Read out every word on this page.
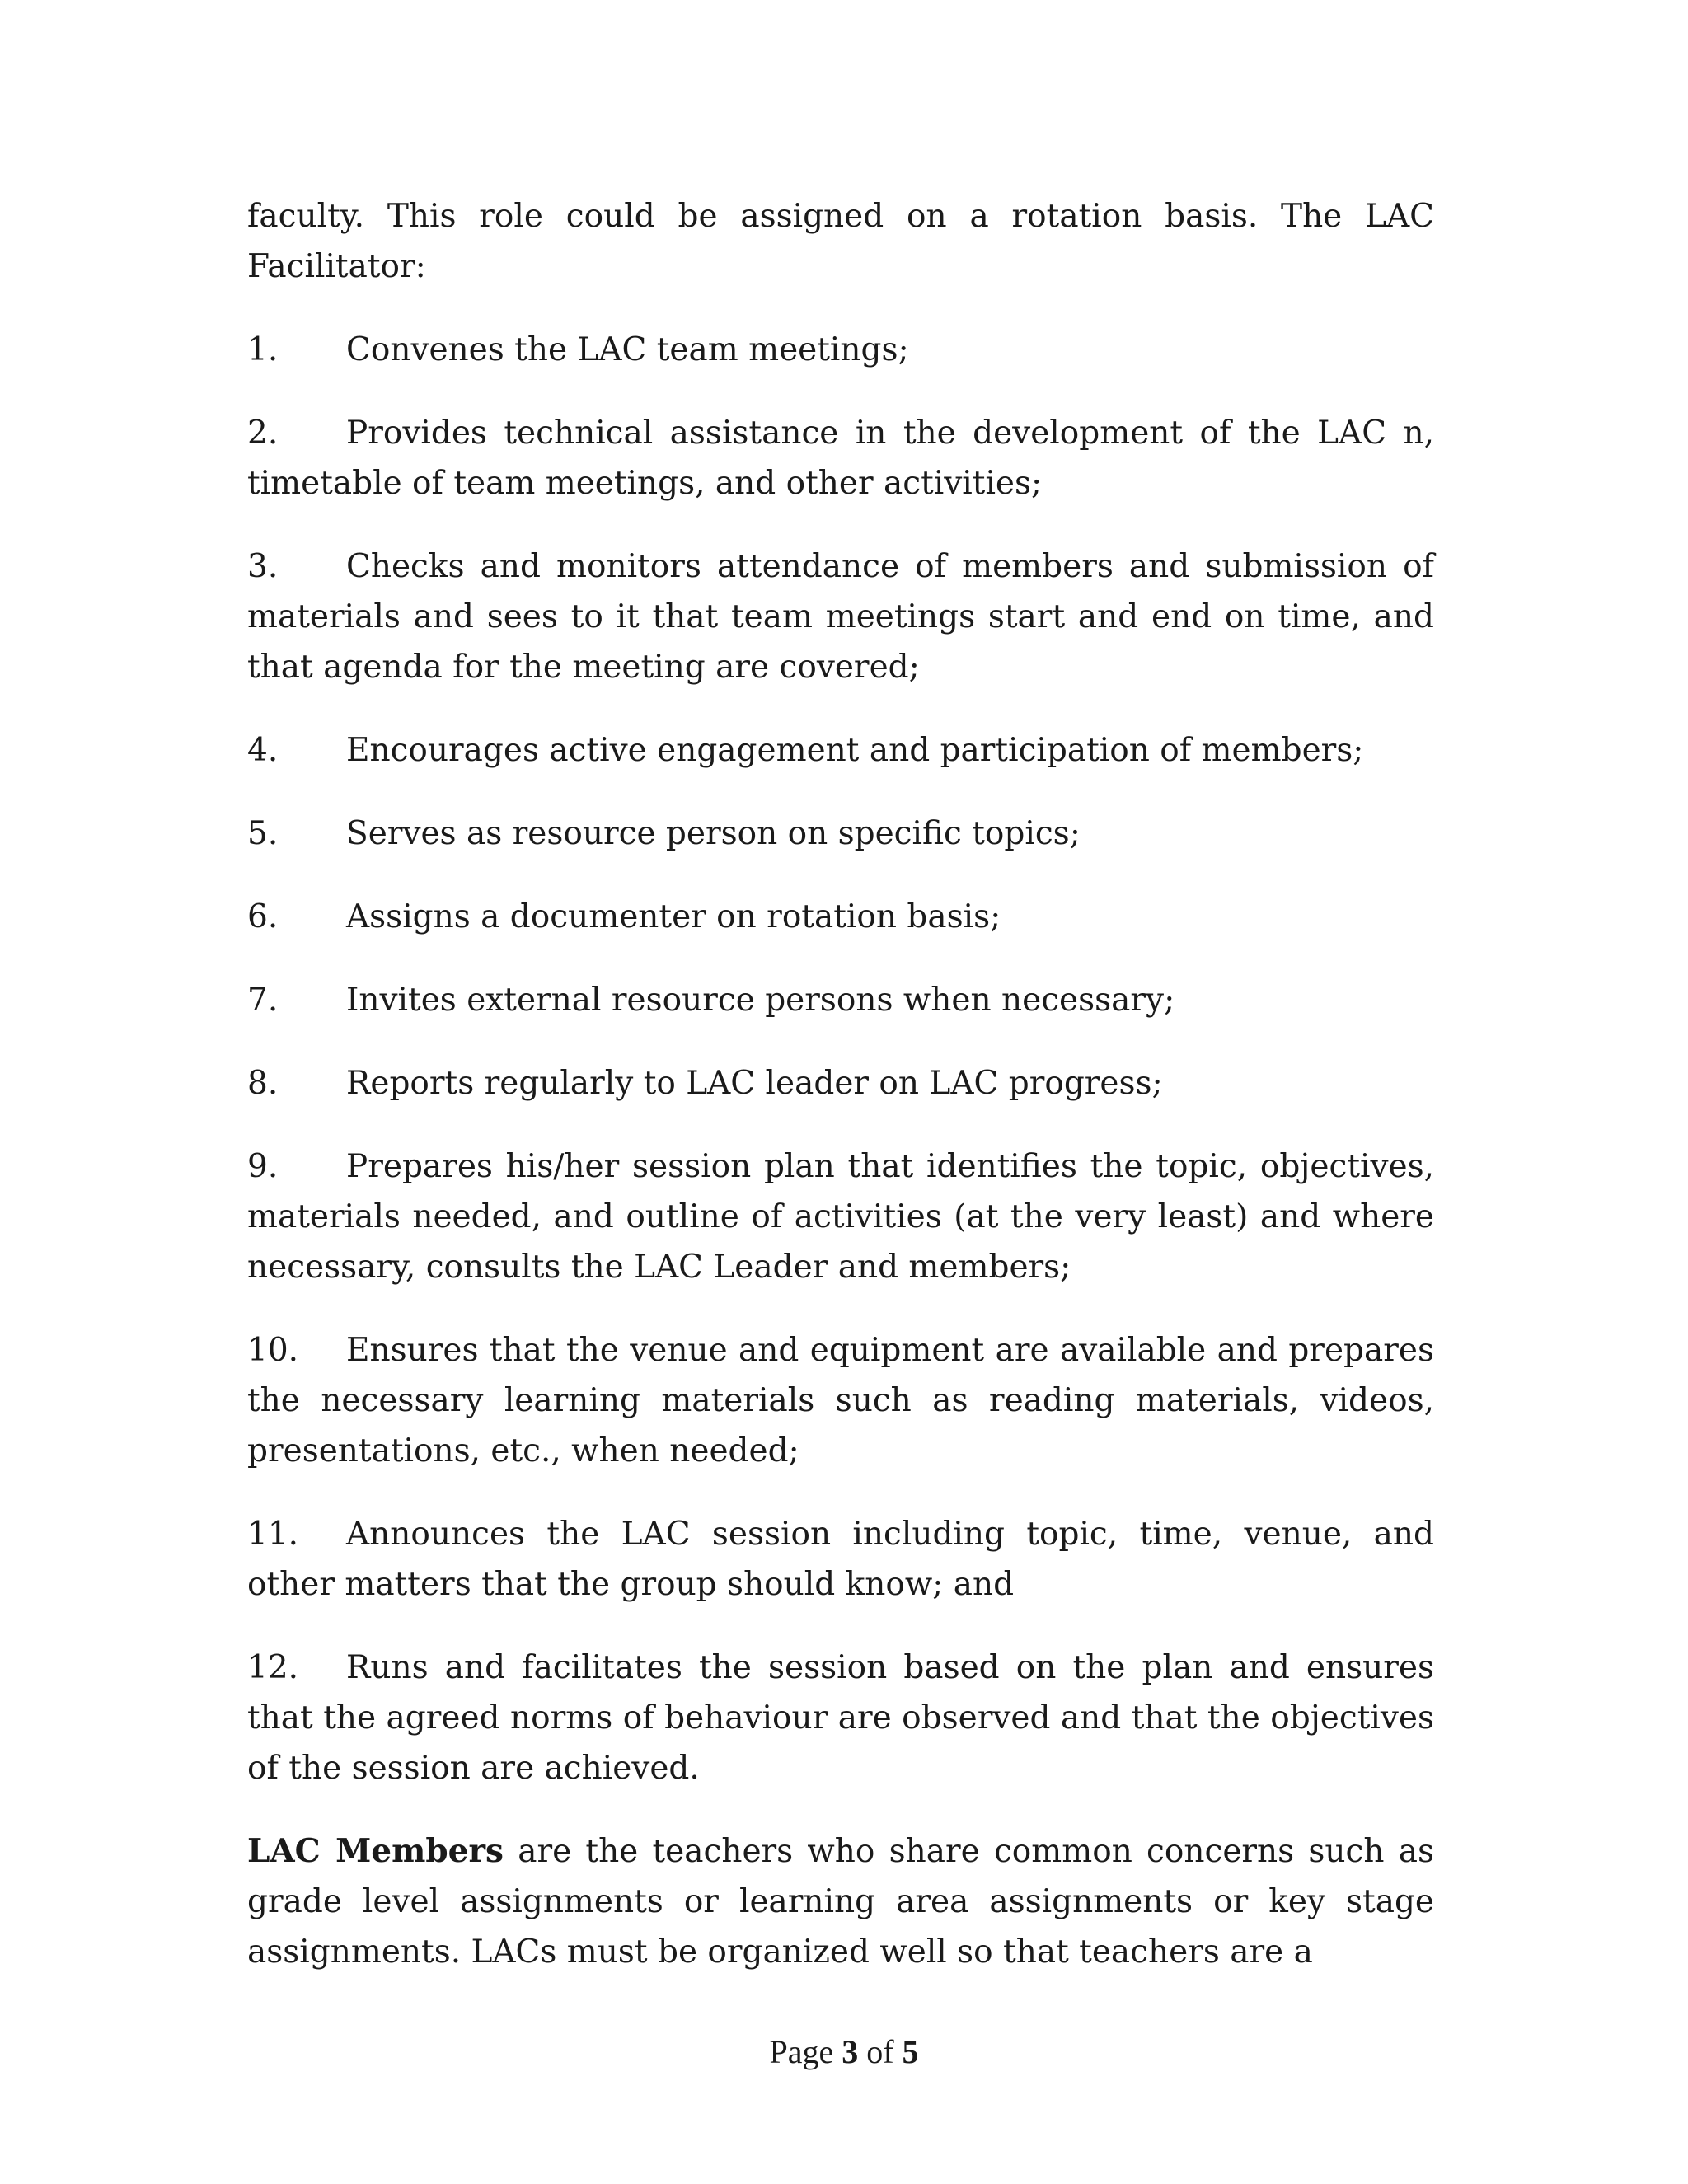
faculty. This role could be assigned on a rotation basis. The LAC Facilitator:

1. Convenes the LAC team meetings;
2. Provides technical assistance in the development of the LAC n, timetable of team meetings, and other activities;
3. Checks and monitors attendance of members and submission of materials and sees to it that team meetings start and end on time, and that agenda for the meeting are covered;
4. Encourages active engagement and participation of members;
5. Serves as resource person on specific topics;
6. Assigns a documenter on rotation basis;
7. Invites external resource persons when necessary;
8. Reports regularly to LAC leader on LAC progress;
9. Prepares his/her session plan that identifies the topic, objectives, materials needed, and outline of activities (at the very least) and where necessary, consults the LAC Leader and members;
10. Ensures that the venue and equipment are available and prepares the necessary learning materials such as reading materials, videos, presentations, etc., when needed;
11. Announces the LAC session including topic, time, venue, and other matters that the group should know; and
12. Runs and facilitates the session based on the plan and ensures that the agreed norms of behaviour are observed and that the objectives of the session are achieved.

LAC Members are the teachers who share common concerns such as grade level assignments or learning area assignments or key stage assignments. LACs must be organized well so that teachers are a

Page 3 of 5
